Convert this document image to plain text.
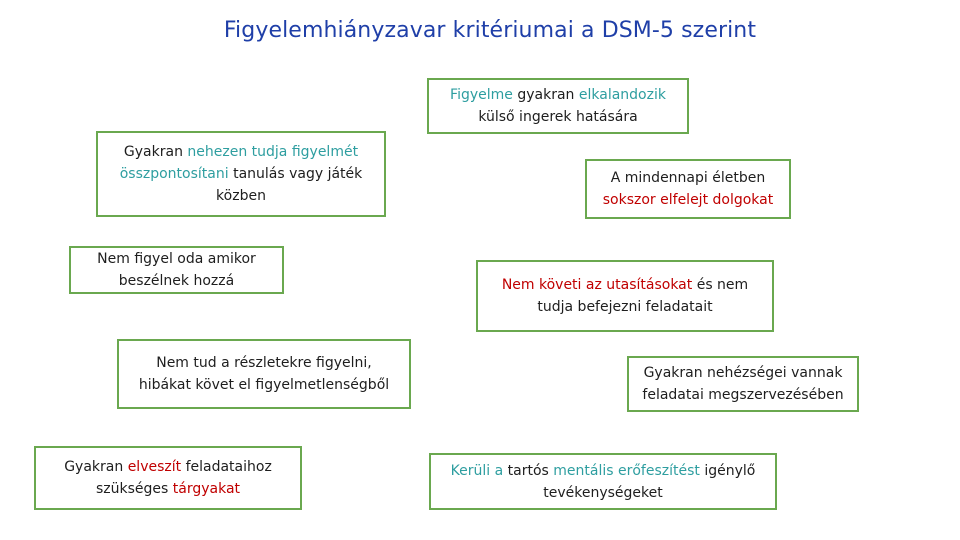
Figyelemhiányzavar kritériumai a DSM-5 szerint
Figyelme gyakran elkalandozik
külső ingerek hatására
Gyakran nehezen tudja figyelmét
összpontosítani tanulás vagy játék
közben
A mindennapi életben
sokszor elfelejt dolgokat
Nem figyel oda amikor
beszélnek hozzá	Nem követi az utasításokat és nem
tudja befejezni feladatait
Nem tud a részletekre figyelni,
hibákat követ el figyelmetlenségből
Gyakran nehézségei vannak
feladatai megszervezésében
Gyakran elveszít feladataihoz
szükséges tárgyakat
Kerüli a tartós mentális erőfeszítést igénylő
tevékenységeket
